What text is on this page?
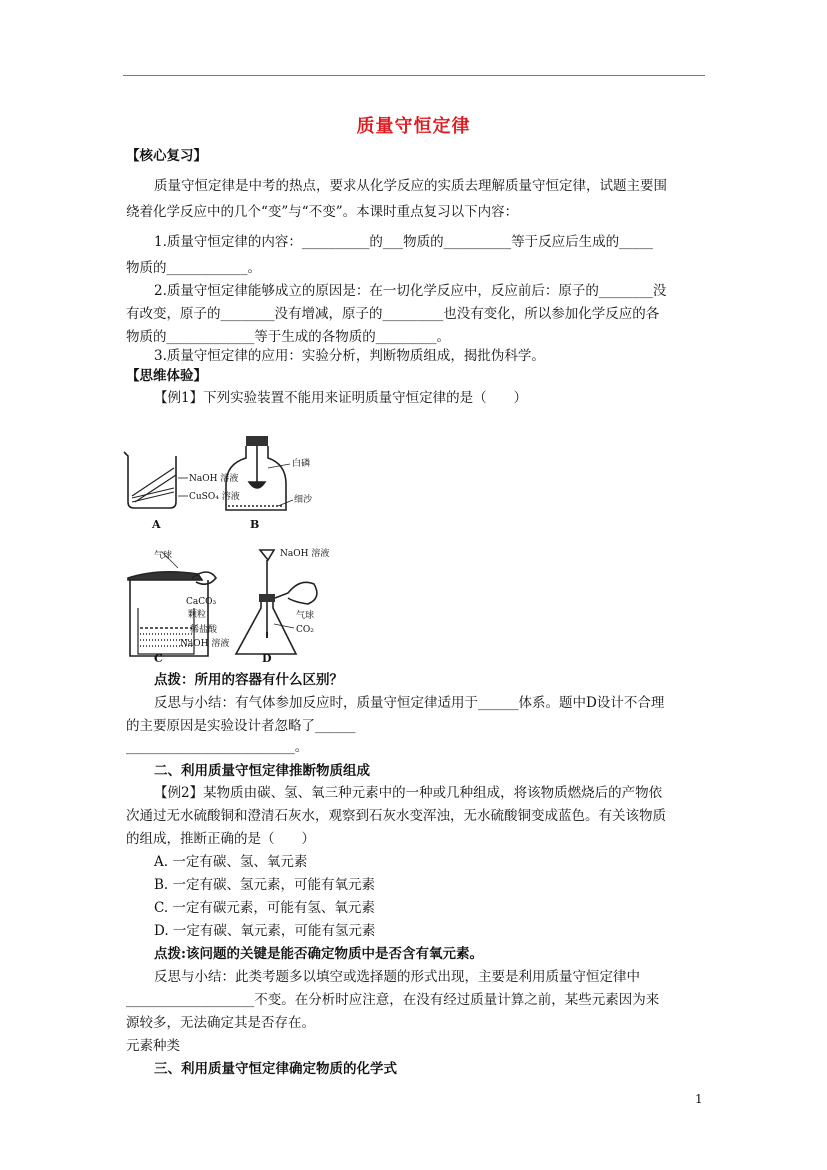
质量守恒定律
【核心复习】
质量守恒定律是中考的热点，要求从化学反应的实质去理解质量守恒定律，试题主要围
绕着化学反应中的几个“变”与“不变”。本课时重点复习以下内容：
1.质量守恒定律的内容：__________的___物质的__________等于反应后生成的_____
物质的____________。
2.质量守恒定律能够成立的原因是：在一切化学反应中，反应前后：原子的________没
有改变，原子的________没有增减，原子的_________也没有变化，所以参加化学反应的各
物质的_____________等于生成的各物质的_________。
3.质量守恒定律的应用：实验分析，判断物质组成，揭批伪科学。
【思维体验】
【例1】下列实验装置不能用来证明质量守恒定律的是（　　）
NaOH 溶液
CuSO₄ 溶液
A
白磷
细沙
B
气球
CaCO₃
颗粒
稀盐酸
NaOH 溶液
C
NaOH 溶液
气球
CO₂
D
点拨：所用的容器有什么区别？
反思与小结：有气体参加反应时，质量守恒定律适用于______体系。题中D设计不合理
的主要原因是实验设计者忽略了______
_________________________。
二、利用质量守恒定律推断物质组成
【例2】某物质由碳、氢、氧三种元素中的一种或几种组成，将该物质燃烧后的产物依
次通过无水硫酸铜和澄清石灰水，观察到石灰水变浑浊，无水硫酸铜变成蓝色。有关该物质
的组成，推断正确的是（　　）
A. 一定有碳、氢、氧元素
B. 一定有碳、氢元素，可能有氧元素
C. 一定有碳元素，可能有氢、氧元素
D. 一定有碳、氧元素，可能有氢元素
点拨:该问题的关键是能否确定物质中是否含有氧元素。
反思与小结：此类考题多以填空或选择题的形式出现，主要是利用质量守恒定律中
___________________不变。在分析时应注意，在没有经过质量计算之前，某些元素因为来
源较多，无法确定其是否存在。
元素种类
三、利用质量守恒定律确定物质的化学式
1
